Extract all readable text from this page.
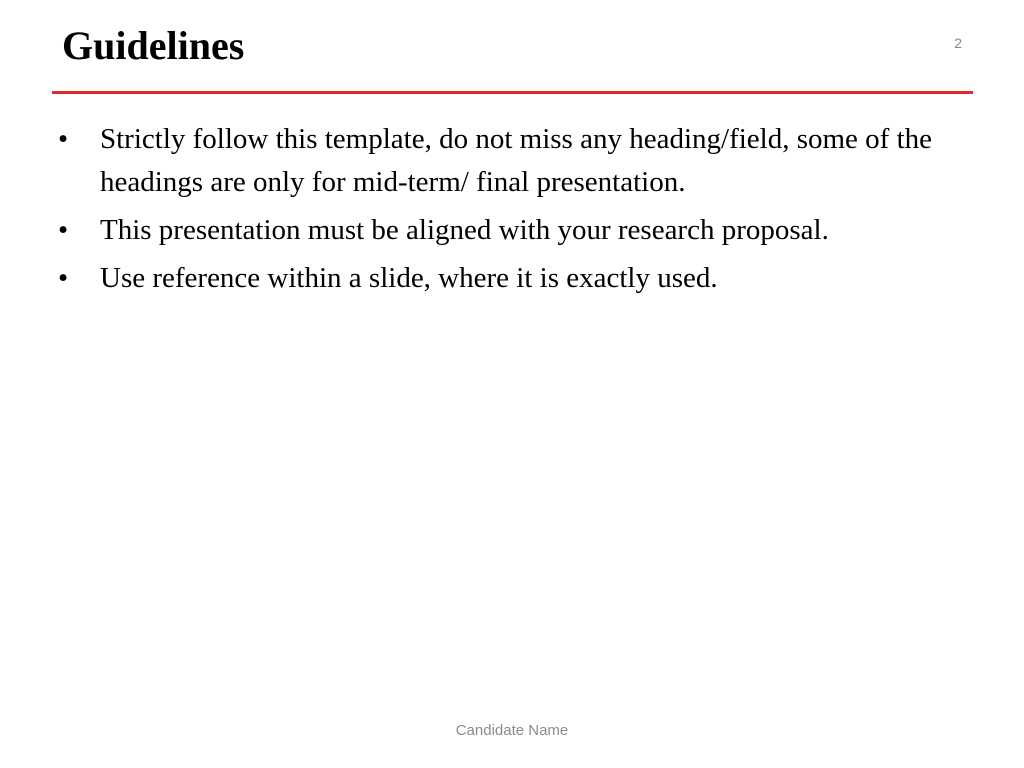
Guidelines	2
•	Strictly follow this template, do not miss any heading/field, some of the headings are only for mid-term/ final presentation.
•	This presentation must be aligned with your research proposal.
•	Use reference within a slide, where it is exactly used.
Candidate Name
